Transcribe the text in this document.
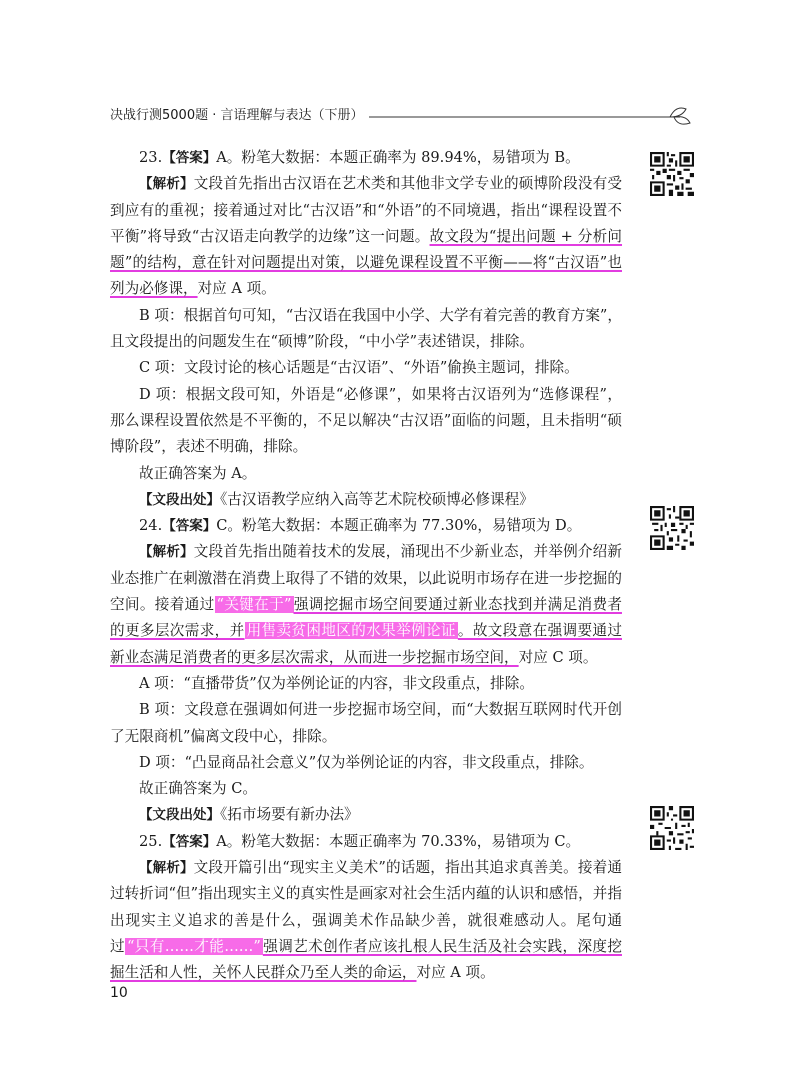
决战行测5000题 · 言语理解与表达（下册）

23.【答案】A。粉笔大数据：本题正确率为 89.94%，易错项为 B。

【解析】文段首先指出古汉语在艺术类和其他非文学专业的硕博阶段没有受到应有的重视；接着通过对比“古汉语”和“外语”的不同境遇，指出“课程设置不平衡”将导致“古汉语走向教学的边缘”这一问题。故文段为“提出问题 + 分析问题”的结构，意在针对问题提出对策，以避免课程设置不平衡——将“古汉语”也列为必修课，对应 A 项。

B 项：根据首句可知，“古汉语在我国中小学、大学有着完善的教育方案”，且文段提出的问题发生在“硕博”阶段，“中小学”表述错误，排除。

C 项：文段讨论的核心话题是“古汉语”、“外语”偷换主题词，排除。

D 项：根据文段可知，外语是“必修课”，如果将古汉语列为“选修课程”，那么课程设置依然是不平衡的，不足以解决“古汉语”面临的问题，且未指明“硕博阶段”，表述不明确，排除。

故正确答案为 A。

【文段出处】《古汉语教学应纳入高等艺术院校硕博必修课程》

24.【答案】C。粉笔大数据：本题正确率为 77.30%，易错项为 D。

【解析】文段首先指出随着技术的发展，涌现出不少新业态，并举例介绍新业态推广在刺激潜在消费上取得了不错的效果，以此说明市场存在进一步挖掘的空间。接着通过 “关键在于” 强调挖掘市场空间要通过新业态找到并满足消费者的更多层次需求，并 用售卖贫困地区的水果举例论证 。故文段意在强调要通过新业态满足消费者的更多层次需求，从而进一步挖掘市场空间，对应 C 项。

A 项：“直播带货”仅为举例论证的内容，非文段重点，排除。

B 项：文段意在强调如何进一步挖掘市场空间，而“大数据互联网时代开创了无限商机”偏离文段中心，排除。

D 项：“凸显商品社会意义”仅为举例论证的内容，非文段重点，排除。

故正确答案为 C。

【文段出处】《拓市场要有新办法》

25.【答案】A。粉笔大数据：本题正确率为 70.33%，易错项为 C。

【解析】文段开篇引出“现实主义美术”的话题，指出其追求真善美。接着通过转折词“但”指出现实主义的真实性是画家对社会生活内蕴的认识和感悟，并指出现实主义追求的善是什么，强调美术作品缺少善，就很难感动人。尾句通过 “只有……才能……” 强调艺术创作者应该扎根人民生活及社会实践，深度挖掘生活和人性，关怀人民群众乃至人类的命运，对应 A 项。

10
